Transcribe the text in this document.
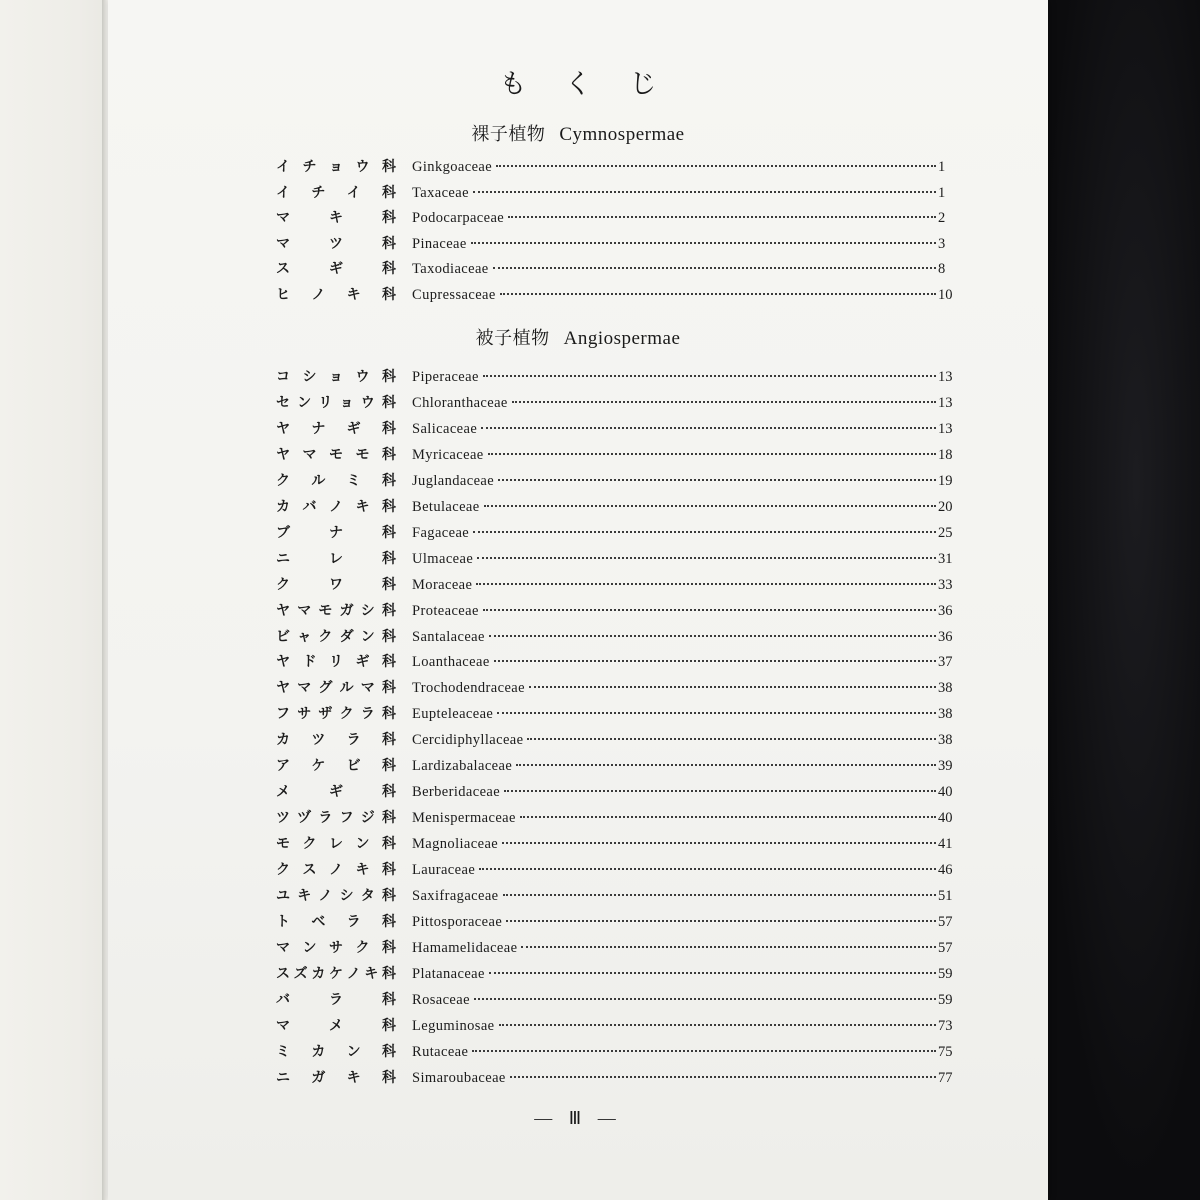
もくじ
裸子植物 Cymnospermae
イ チ ョ ウ 科 Ginkgoaceae	1
イ チ イ 科 Taxaceae	1
マ	キ	科 Podocarpaceae	2
マ	ツ	科 Pinaceae	3
ス	ギ	科 Taxodiaceae	8
ヒ ノ キ 科 Cupressaceae	10
被子植物 Angiospermae
コ シ ョ ウ 科 Piperaceae	13
セ ン リ ョ ウ 科 Chloranthaceae	13
ヤ ナ ギ 科 Salicaceae	13
ヤ マ モ モ 科 Myricaceae	18
ク ル ミ 科 Juglandaceae	19
カ バ ノ キ 科 Betulaceae	20
ブ	ナ	科 Fagaceae	25
ニ	レ	科 Ulmaceae	31
ク	ワ	科 Moraceae	33
ヤ マ モ ガ シ 科 Proteaceae	36
ビ ャ ク ダ ン 科 Santalaceae	36
ヤ ド リ ギ 科 Loanthaceae	37
ヤ マ グ ル マ 科 Trochodendraceae	38
フ サ ザ ク ラ 科 Eupteleaceae	38
カ ツ ラ 科 Cercidiphyllaceae	38
ア ケ ビ 科 Lardizabalaceae	39
メ	ギ	科 Berberidaceae	40
ツ ヅ ラ フ ジ 科 Menispermaceae	40
モ ク レ ン 科 Magnoliaceae	41
ク ス ノ キ 科 Lauraceae	46
ユ キ ノ シ タ 科 Saxifragaceae	51
ト ベ ラ 科 Pittosporaceae	57
マ ン サ ク 科 Hamamelidaceae	57
ス ズ カ ケ ノ キ 科 Platanaceae	59
バ	ラ	科 Rosaceae	59
マ	メ	科 Leguminosae	73
ミ カ ン 科 Rutaceae	75
ニ ガ キ 科 Simaroubaceae	77
— Ⅲ —
